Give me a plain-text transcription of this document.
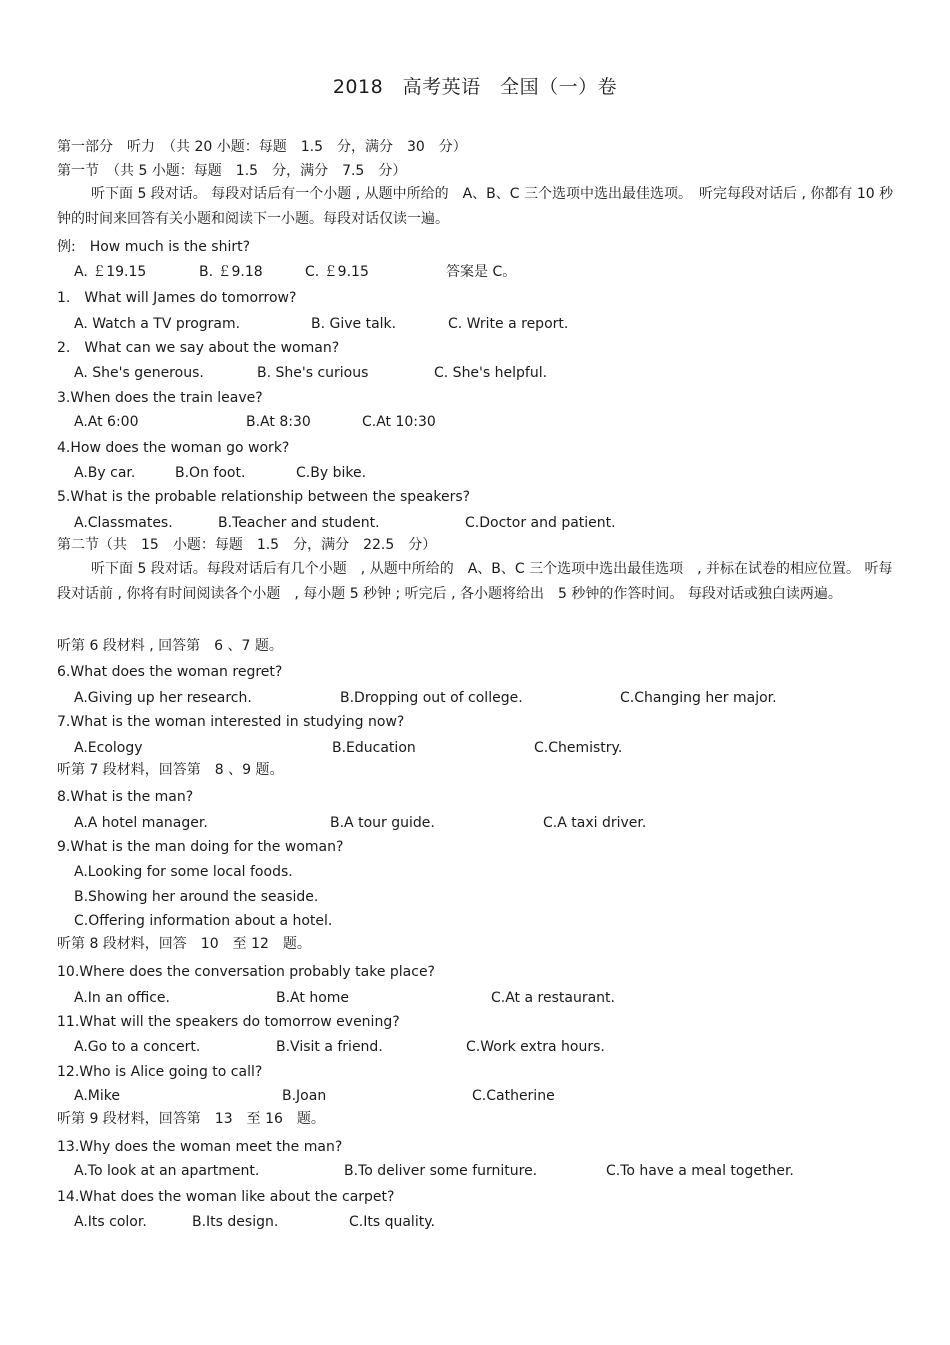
2018　高考英语　全国（一）卷
第一部分　听力　（共 20 小题：每题　1.5　分，满分　30　分）
第一节　（共 5 小题：每题　1.5　分，满分　7.5　分）
听下面 5 段对话。 每段对话后有一个小题 , 从题中所给的　A、B、C 三个选项中选出最佳选项。　听完每段对话后 , 你都有 10 秒钟的时间来回答有关小题和阅读下一小题。每段对话仅读一遍。
例:　How much is the shirt?
A. ￡19.15	B. ￡9.18	C. ￡9.15	答案是 C。
1.　What will James do tomorrow?
A. Watch a TV program.	B. Give talk.	C. Write a report.
2.　What can we say about the woman?
A. She's generous.	B. She's curious	C. She's helpful.
3.When does the train leave?
A.At 6:00	B.At 8:30	C.At 10:30
4.How does the woman go work?
A.By car.	B.On foot.	C.By bike.
5.What is the probable relationship between the speakers?
A.Classmates.	B.Teacher and student.	C.Doctor and patient.
第二节（共　15　小题：每题　1.5　分，满分　22.5　分）
听下面 5 段对话。每段对话后有几个小题　, 从题中所给的　A、B、C 三个选项中选出最佳选项　, 并标在试卷的相应位置。 听每段对话前 , 你将有时间阅读各个小题　, 每小题 5 秒钟 ; 听完后 , 各小题将给出　5 秒钟的作答时间。 每段对话或独白读两遍。
听第 6 段材料 , 回答第　6 、7 题。
6.What does the woman regret?
A.Giving up her research.	B.Dropping out of college.	C.Changing her major.
7.What is the woman interested in studying now?
A.Ecology	B.Education	C.Chemistry.
听第 7 段材料，回答第　8 、9 题。
8.What is the man?
A.A hotel manager.	B.A tour guide.	C.A taxi driver.
9.What is the man doing for the woman?
A.Looking for some local foods.
B.Showing her around the seaside.
C.Offering information about a hotel.
听第 8 段材料，回答　10　至 12　题。
10.Where does the conversation probably take place?
A.In an office.	B.At home	C.At a restaurant.
11.What will the speakers do tomorrow evening?
A.Go to a concert.	B.Visit a friend.	C.Work extra hours.
12.Who is Alice going to call?
A.Mike	B.Joan	C.Catherine
听第 9 段材料，回答第　13　至 16　题。
13.Why does the woman meet the man?
A.To look at an apartment.	B.To deliver some furniture.	C.To have a meal together.
14.What does the woman like about the carpet?
A.Its color.	B.Its design.	C.Its quality.
